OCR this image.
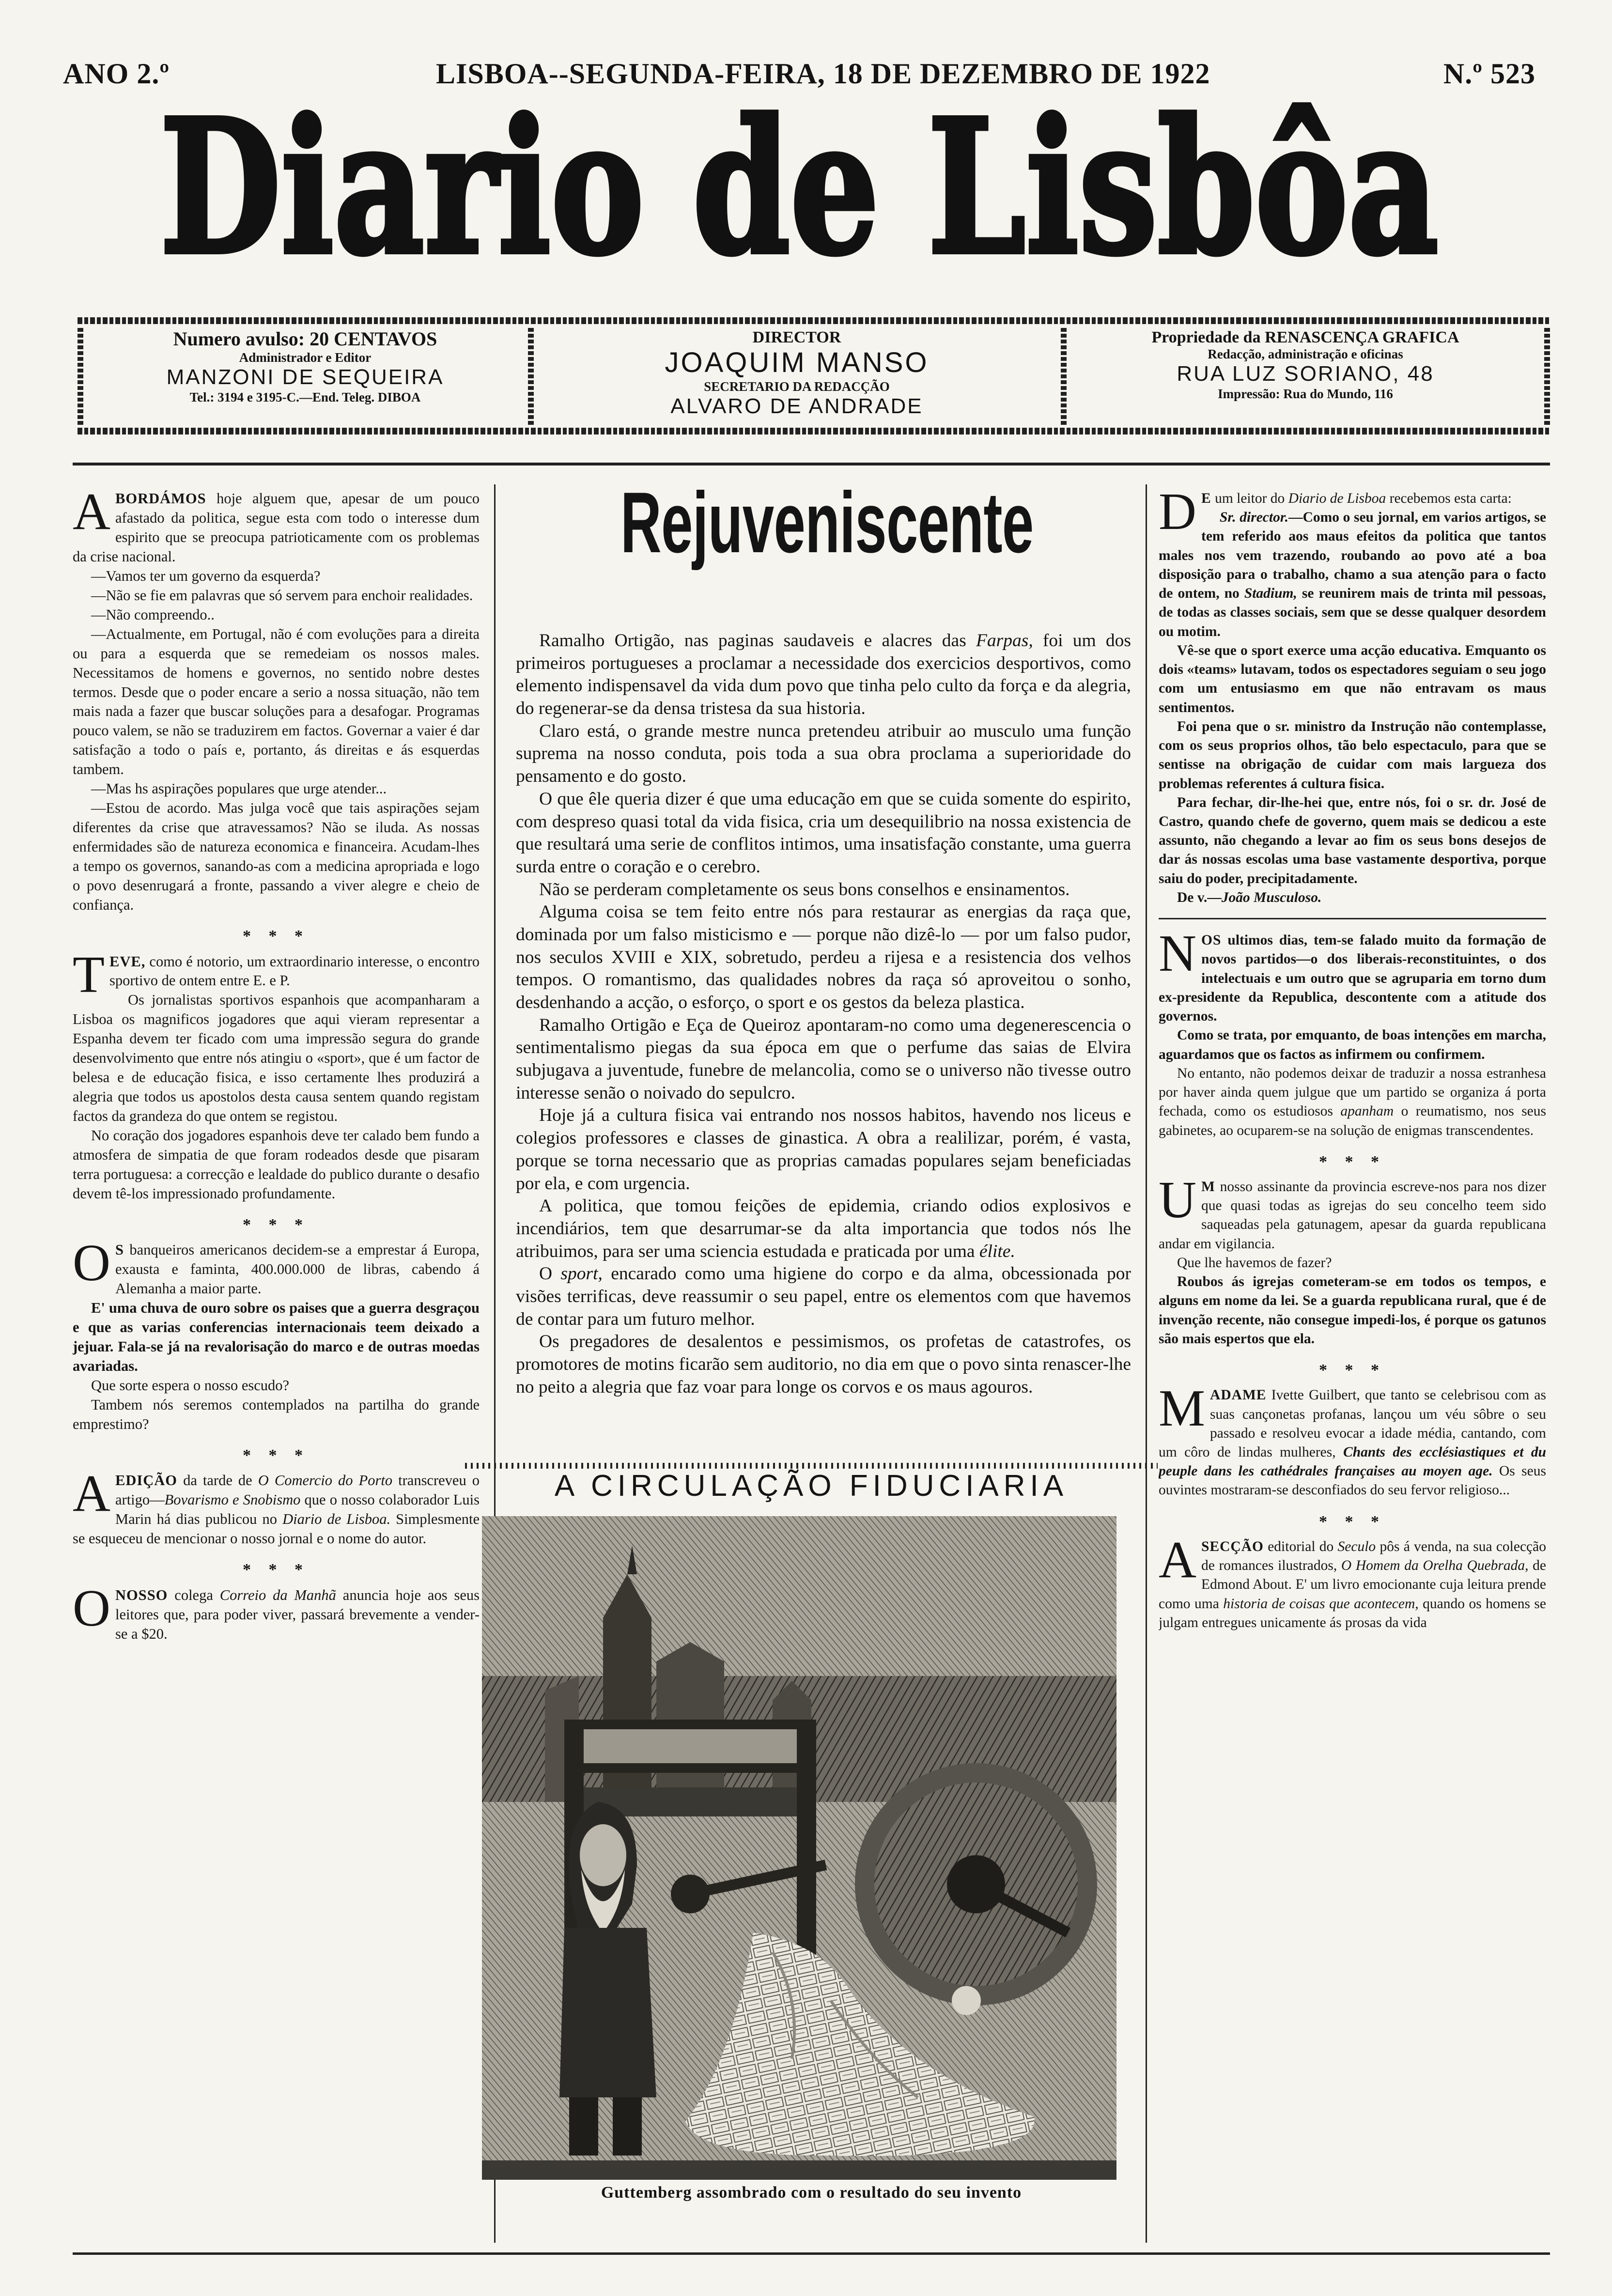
ANO 2.º	LISBOA--SEGUNDA-FEIRA, 18 DE DEZEMBRO DE 1922	N.º 523
Diario de Lisbôa
Numero avulso: 20 CENTAVOS
Administrador e Editor
MANZONI DE SEQUEIRA
Tel.: 3194 e 3195-C.—End. Teleg. DIBOA
DIRECTOR
JOAQUIM MANSO
SECRETARIO DA REDACÇÃO
ALVARO DE ANDRADE
Propriedade da RENASCENÇA GRAFICA
Redacção, administração e oficinas
RUA LUZ SORIANO, 48
Impressão: Rua do Mundo, 116

ABORDÁMOS hoje alguem que, apesar de um pouco afastado da politica, segue esta com todo o interesse dum espirito que se preocupa patrioticamente com os problemas da crise nacional.

—Vamos ter um governo da esquerda?

—Não se fie em palavras que só servem para enchoir realidades.

—Não compreendo..

—Actualmente, em Portugal, não é com evoluções para a direita ou para a esquerda que se remedeiam os nossos males. Necessitamos de homens e governos, no sentido nobre destes termos. Desde que o poder encare a serio a nossa situação, não tem mais nada a fazer que buscar soluções para a desafogar. Programas pouco valem, se não se traduzirem em factos. Governar a vaier é dar satisfação a todo o país e, portanto, ás direitas e ás esquerdas tambem.

—Mas hs aspirações populares que urge atender...

—Estou de acordo. Mas julga você que tais aspirações sejam diferentes da crise que atravessamos? Não se iluda. As nossas enfermidades são de natureza economica e financeira. Acudam-lhes a tempo os governos, sanando-as com a medicina apropriada e logo o povo desenrugará a fronte, passando a viver alegre e cheio de confiança.

* * *

TEVE, como é notorio, um extraordinario interesse, o encontro sportivo de ontem entre E. e P.

Os jornalistas sportivos espanhois que acompanharam a Lisboa os magnificos jogadores que aqui vieram representar a Espanha devem ter ficado com uma impressão segura do grande desenvolvimento que entre nós atingiu o «sport», que é um factor de belesa e de educação fisica, e isso certamente lhes produzirá a alegria que todos us apostolos desta causa sentem quando registam factos da grandeza do que ontem se registou.

No coração dos jogadores espanhois deve ter calado bem fundo a atmosfera de simpatia de que foram rodeados desde que pisaram terra portuguesa: a correcção e lealdade do publico durante o desafio devem tê-los impressionado profundamente.

* * *

O S banqueiros americanos decidem-se a emprestar á Europa, exausta e faminta, 400.000.000 de libras, cabendo á Alemanha a maior parte.

E' uma chuva de ouro sobre os paises que a guerra desgraçou e que as varias conferencias internacionais teem deixado a jejuar. Fala-se já na revalorisação do marco e de outras moedas avariadas.

Que sorte espera o nosso escudo?

Tambem nós seremos contemplados na partilha do grande emprestimo?

* * *

A EDIÇÃO da tarde de O Comercio do Porto transcreveu o artigo—Bovarismo e Snobismo que o nosso colaborador Luis Marin há dias publicou no Diario de Lisboa. Simplesmente se esqueceu de mencionar o nosso jornal e o nome do autor.

* * *

O NOSSO colega Correio da Manhã anuncia hoje aos seus leitores que, para poder viver, passará brevemente a vender-se a $20.

Rejuveniscente

Ramalho Ortigão, nas paginas saudaveis e alacres das Farpas, foi um dos primeiros portugueses a proclamar a necessidade dos exercicios desportivos, como elemento indispensavel da vida dum povo que tinha pelo culto da força e da alegria, do regenerar-se da densa tristesa da sua historia.

Claro está, o grande mestre nunca pretendeu atribuir ao musculo uma função suprema na nosso conduta, pois toda a sua obra proclama a superioridade do pensamento e do gosto.

O que êle queria dizer é que uma educação em que se cuida somente do espirito, com despreso quasi total da vida fisica, cria um desequilibrio na nossa existencia de que resultará uma serie de conflitos intimos, uma insatisfação constante, uma guerra surda entre o coração e o cerebro.

Não se perderam completamente os seus bons conselhos e ensinamentos.

Alguma coisa se tem feito entre nós para restaurar as energias da raça que, dominada por um falso misticismo e — porque não dizê-lo — por um falso pudor, nos seculos XVIII e XIX, sobretudo, perdeu a rijesa e a resistencia dos velhos tempos. O romantismo, das qualidades nobres da raça só aproveitou o sonho, desdenhando a acção, o esforço, o sport e os gestos da beleza plastica.

Ramalho Ortigão e Eça de Queiroz apontaram-no como uma degenerescencia o sentimentalismo piegas da sua época em que o perfume das saias de Elvira subjugava a juventude, funebre de melancolia, como se o universo não tivesse outro interesse senão o noivado do sepulcro.

Hoje já a cultura fisica vai entrando nos nossos habitos, havendo nos liceus e colegios professores e classes de ginastica. A obra a realilizar, porém, é vasta, porque se torna necessario que as proprias camadas populares sejam beneficiadas por ela, e com urgencia.

A politica, que tomou feições de epidemia, criando odios explosivos e incendiários, tem que desarrumar-se da alta importancia que todos nós lhe atribuimos, para ser uma sciencia estudada e praticada por uma élite.

O sport, encarado como uma higiene do corpo e da alma, obcessionada por visões terrificas, deve reassumir o seu papel, entre os elementos com que havemos de contar para um futuro melhor.

Os pregadores de desalentos e pessimismos, os profetas de catastrofes, os promotores de motins ficarão sem auditorio, no dia em que o povo sinta renascer-lhe no peito a alegria que faz voar para longe os corvos e os maus agouros.

A CIRCULAÇÃO FIDUCIARIA
Guttemberg assombrado com o resultado do seu invento

D E um leitor do Diario de Lisboa recebemos esta carta:

Sr. director.—Como o seu jornal, em varios artigos, se tem referido aos maus efeitos da politica que tantos males nos vem trazendo, roubando ao povo até a boa disposição para o trabalho, chamo a sua atenção para o facto de ontem, no Stadium, se reunirem mais de trinta mil pessoas, de todas as classes sociais, sem que se desse qualquer desordem ou motim.

Vê-se que o sport exerce uma acção educativa. Emquanto os dois «teams» lutavam, todos os espectadores seguiam o seu jogo com um entusiasmo em que não entravam os maus sentimentos.

Foi pena que o sr. ministro da Instrução não contemplasse, com os seus proprios olhos, tão belo espectaculo, para que se sentisse na obrigação de cuidar com mais largueza dos problemas referentes á cultura fisica.

Para fechar, dir-lhe-hei que, entre nós, foi o sr. dr. José de Castro, quando chefe de governo, quem mais se dedicou a este assunto, não chegando a levar ao fim os seus bons desejos de dar ás nossas escolas uma base vastamente desportiva, porque saiu do poder, precipitadamente.

De v.—João Musculoso.

NOS ultimos dias, tem-se falado muito da formação de novos partidos—o dos liberais-reconstituintes, o dos intelectuais e um outro que se agruparia em torno dum ex-presidente da Republica, descontente com a atitude dos governos.

Como se trata, por emquanto, de boas intenções em marcha, aguardamos que os factos as infirmem ou confirmem.

No entanto, não podemos deixar de traduzir a nossa estranhesa por haver ainda quem julgue que um partido se organiza á porta fechada, como os estudiosos apanham o reumatismo, nos seus gabinetes, ao ocuparem-se na solução de enigmas transcendentes.

* * *

U M nosso assinante da provincia escreve-nos para nos dizer que quasi todas as igrejas do seu concelho teem sido saqueadas pela gatunagem, apesar da guarda republicana andar em vigilancia.

Que lhe havemos de fazer?

Roubos ás igrejas cometeram-se em todos os tempos, e alguns em nome da lei. Se a guarda republicana rural, que é de invenção recente, não consegue impedi-los, é porque os gatunos são mais espertos que ela.

* * *

MADAME Ivette Guilbert, que tanto se celebrisou com as suas cançonetas profanas, lançou um véu sôbre o seu passado e resolveu evocar a idade média, cantando, com um côro de lindas mulheres, Chants des ecclésiastiques et du peuple dans les cathédrales françaises au moyen age. Os seus ouvintes mostraram-se desconfiados do seu fervor religioso...

* * *

A SECÇÃO editorial do Seculo pôs á venda, na sua colecção de romances ilustrados, O Homem da Orelha Quebrada, de Edmond About. E' um livro emocionante cuja leitura prende como uma historia de coisas que acontecem, quando os homens se julgam entregues unicamente ás prosas da vida
